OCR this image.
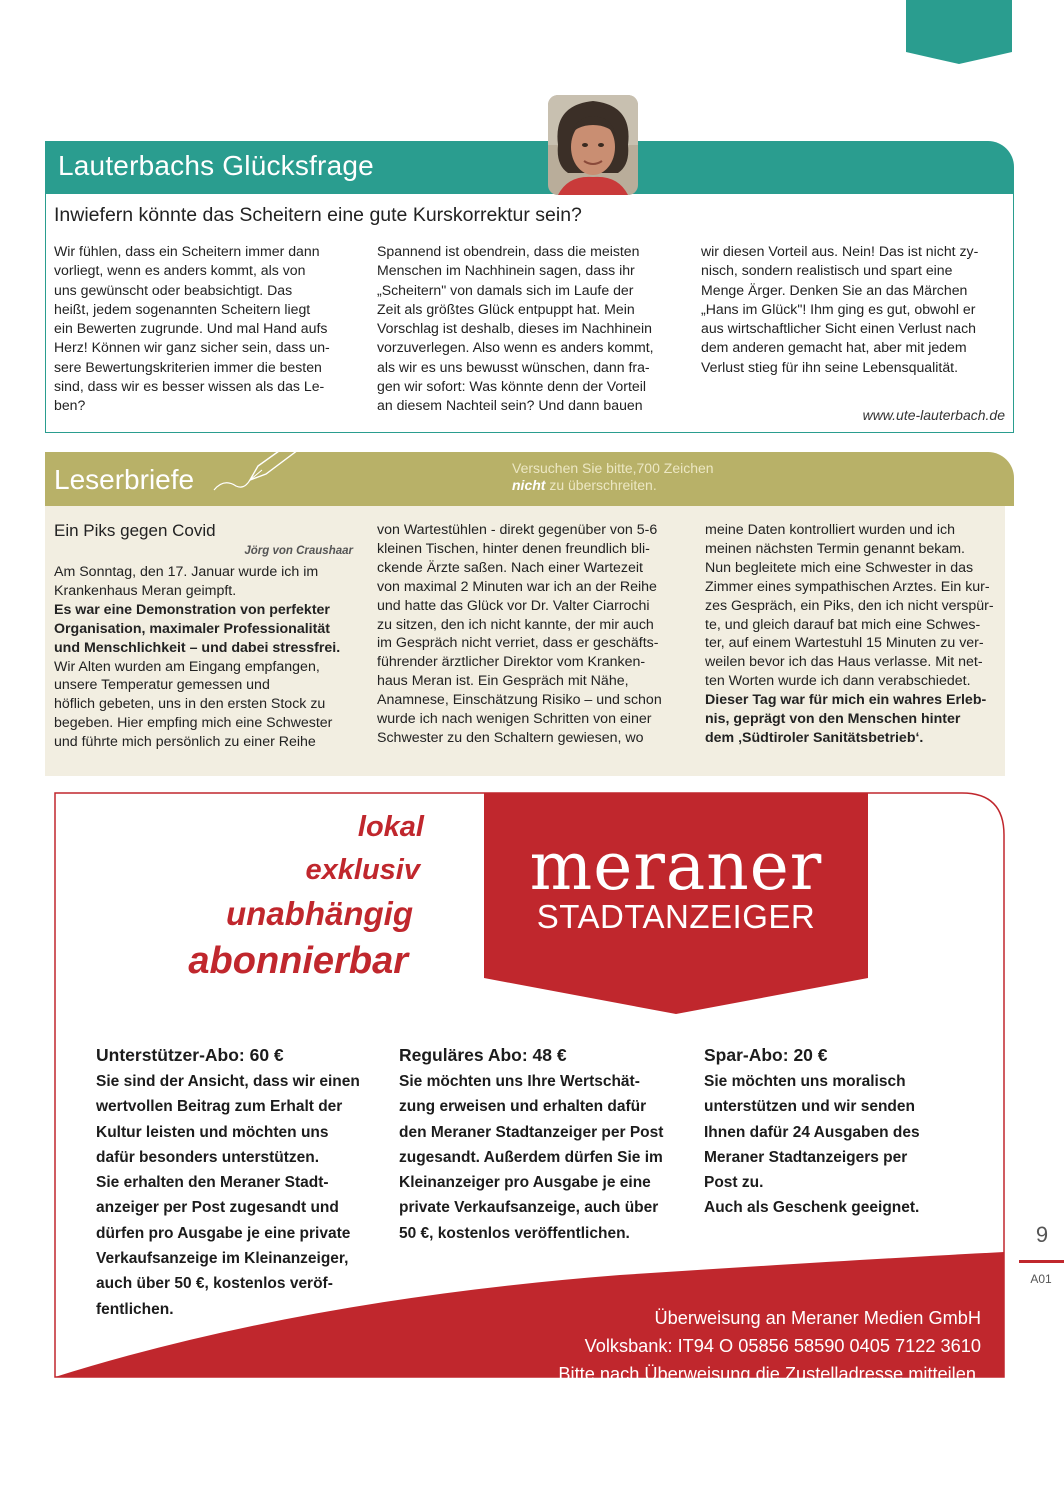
Lauterbachs Glücksfrage
Inwiefern könnte das Scheitern eine gute Kurskorrektur sein?

Wir fühlen, dass ein Scheitern immer dann

vorliegt, wenn es anders kommt, als von

uns gewünscht oder beabsichtigt. Das

heißt, jedem sogenannten Scheitern liegt

ein Bewerten zugrunde. Und mal Hand aufs

Herz! Können wir ganz sicher sein, dass un-

sere Bewertungskriterien immer die besten

sind, dass wir es besser wissen als das Le-

ben?

Spannend ist obendrein, dass die meisten

Menschen im Nachhinein sagen, dass ihr

„Scheitern" von damals sich im Laufe der

Zeit als größtes Glück entpuppt hat. Mein

Vorschlag ist deshalb, dieses im Nachhinein

vorzuverlegen. Also wenn es anders kommt,

als wir es uns bewusst wünschen, dann fra-

gen wir sofort: Was könnte denn der Vorteil

an diesem Nachteil sein? Und dann bauen

wir diesen Vorteil aus. Nein! Das ist nicht zy-

nisch, sondern realistisch und spart eine

Menge Ärger. Denken Sie an das Märchen

„Hans im Glück"! Ihm ging es gut, obwohl er

aus wirtschaftlicher Sicht einen Verlust nach

dem anderen gemacht hat, aber mit jedem

Verlust stieg für ihn seine Lebensqualität.

www.ute-lauterbach.de
Leserbriefe	Versuchen Sie bitte,700 Zeichen
nicht zu überschreiten.
Ein Piks gegen Covid
Jörg von Craushaar

Am Sonntag, den 17. Januar wurde ich im

Krankenhaus Meran geimpft.

Es war eine Demonstration von perfekter

Organisation, maximaler Professionalität

und Menschlichkeit – und dabei stressfrei.

Wir Alten wurden am Eingang empfangen,

unsere Temperatur gemessen und

höflich gebeten, uns in den ersten Stock zu

begeben. Hier empfing mich eine Schwester

und führte mich persönlich zu einer Reihe

von Wartestühlen - direkt gegenüber von 5-6

kleinen Tischen, hinter denen freundlich bli-

ckende Ärzte saßen. Nach einer Wartezeit

von maximal 2 Minuten war ich an der Reihe

und hatte das Glück vor Dr. Valter Ciarrochi

zu sitzen, den ich nicht kannte, der mir auch

im Gespräch nicht verriet, dass er geschäfts-

führender ärztlicher Direktor vom Kranken-

haus Meran ist. Ein Gespräch mit Nähe,

Anamnese, Einschätzung Risiko – und schon

wurde ich nach wenigen Schritten von einer

Schwester zu den Schaltern gewiesen, wo

meine Daten kontrolliert wurden und ich

meinen nächsten Termin genannt bekam.

Nun begleitete mich eine Schwester in das

Zimmer eines sympathischen Arztes. Ein kur-

zes Gespräch, ein Piks, den ich nicht verspür-

te, und gleich darauf bat mich eine Schwes-

ter, auf einem Wartestuhl 15 Minuten zu ver-

weilen bevor ich das Haus verlasse. Mit net-

ten Worten wurde ich dann verabschiedet.

Dieser Tag war für mich ein wahres Erleb-

nis, geprägt von den Menschen hinter

dem ‚Südtiroler Sanitätsbetrieb‘.

lokal
exklusiv
unabhängig
abonnierbar
meraner
STADTANZEIGER
Unterstützer-Abo: 60 €

Sie sind der Ansicht, dass wir einen

wertvollen Beitrag zum Erhalt der

Kultur leisten und möchten uns

dafür besonders unterstützen.

Sie erhalten den Meraner Stadt-

anzeiger per Post zugesandt und

dürfen pro Ausgabe je eine private

Verkaufsanzeige im Kleinanzeiger,

auch über 50 €, kostenlos veröf-

fentlichen.

Reguläres Abo: 48 €

Sie möchten uns Ihre Wertschät-

zung erweisen und erhalten dafür

den Meraner Stadtanzeiger per Post

zugesandt. Außerdem dürfen Sie im

Kleinanzeiger pro Ausgabe je eine

private Verkaufsanzeige, auch über

50 €, kostenlos veröffentlichen.

Spar-Abo: 20 €

Sie möchten uns moralisch

unterstützen und wir senden

Ihnen dafür 24 Ausgaben des

Meraner Stadtanzeigers per

Post zu.

Auch als Geschenk geeignet.

Überweisung an Meraner Medien GmbH
Volksbank: IT94 O 05856 58590 0405 7122 3610
Bitte nach Überweisung die Zustelladresse mitteilen.
9
A01
